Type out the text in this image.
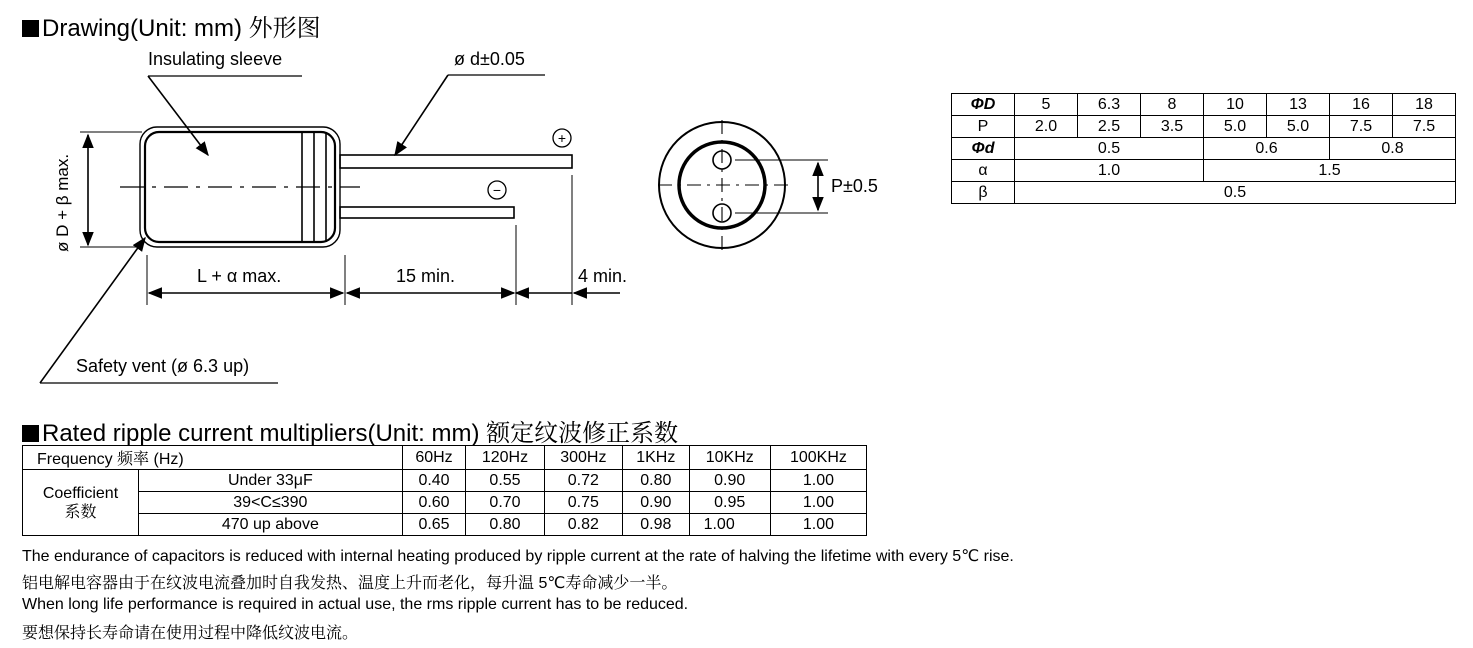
Drawing(Unit: mm) 外形图
Insulating sleeve	ø d±0.05
ø D + β max.
L + α max.	15 min.	4 min.
Safety vent (ø 6.3 up)
P±0.5
+
−
ΦD	5	6.3	8	10	13	16	18
P	2.0	2.5	3.5	5.0	5.0	7.5	7.5
Φd	0.5			0.6		0.8	
α	1.0			1.5			
β	0.5						
Rated ripple current multipliers(Unit: mm) 额定纹波修正系数
Frequency 频率 (Hz)		60Hz	120Hz	300Hz	1KHz	10KHz	100KHz
Coefficient
系数	Under 33μF	0.40	0.55	0.72	0.80	0.90	1.00
	39<C≤390	0.60	0.70	0.75	0.90	0.95	1.00
	470 up above	0.65	0.80	0.82	0.98	1.00	1.00
The endurance of capacitors is reduced with internal heating produced by ripple current at the rate of halving the lifetime with every 5℃ rise.
铝电解电容器由于在纹波电流叠加时自我发热、温度上升而老化，每升温 5℃寿命减少一半。
When long life performance is required in actual use, the rms ripple current has to be reduced.
要想保持长寿命请在使用过程中降低纹波电流。
